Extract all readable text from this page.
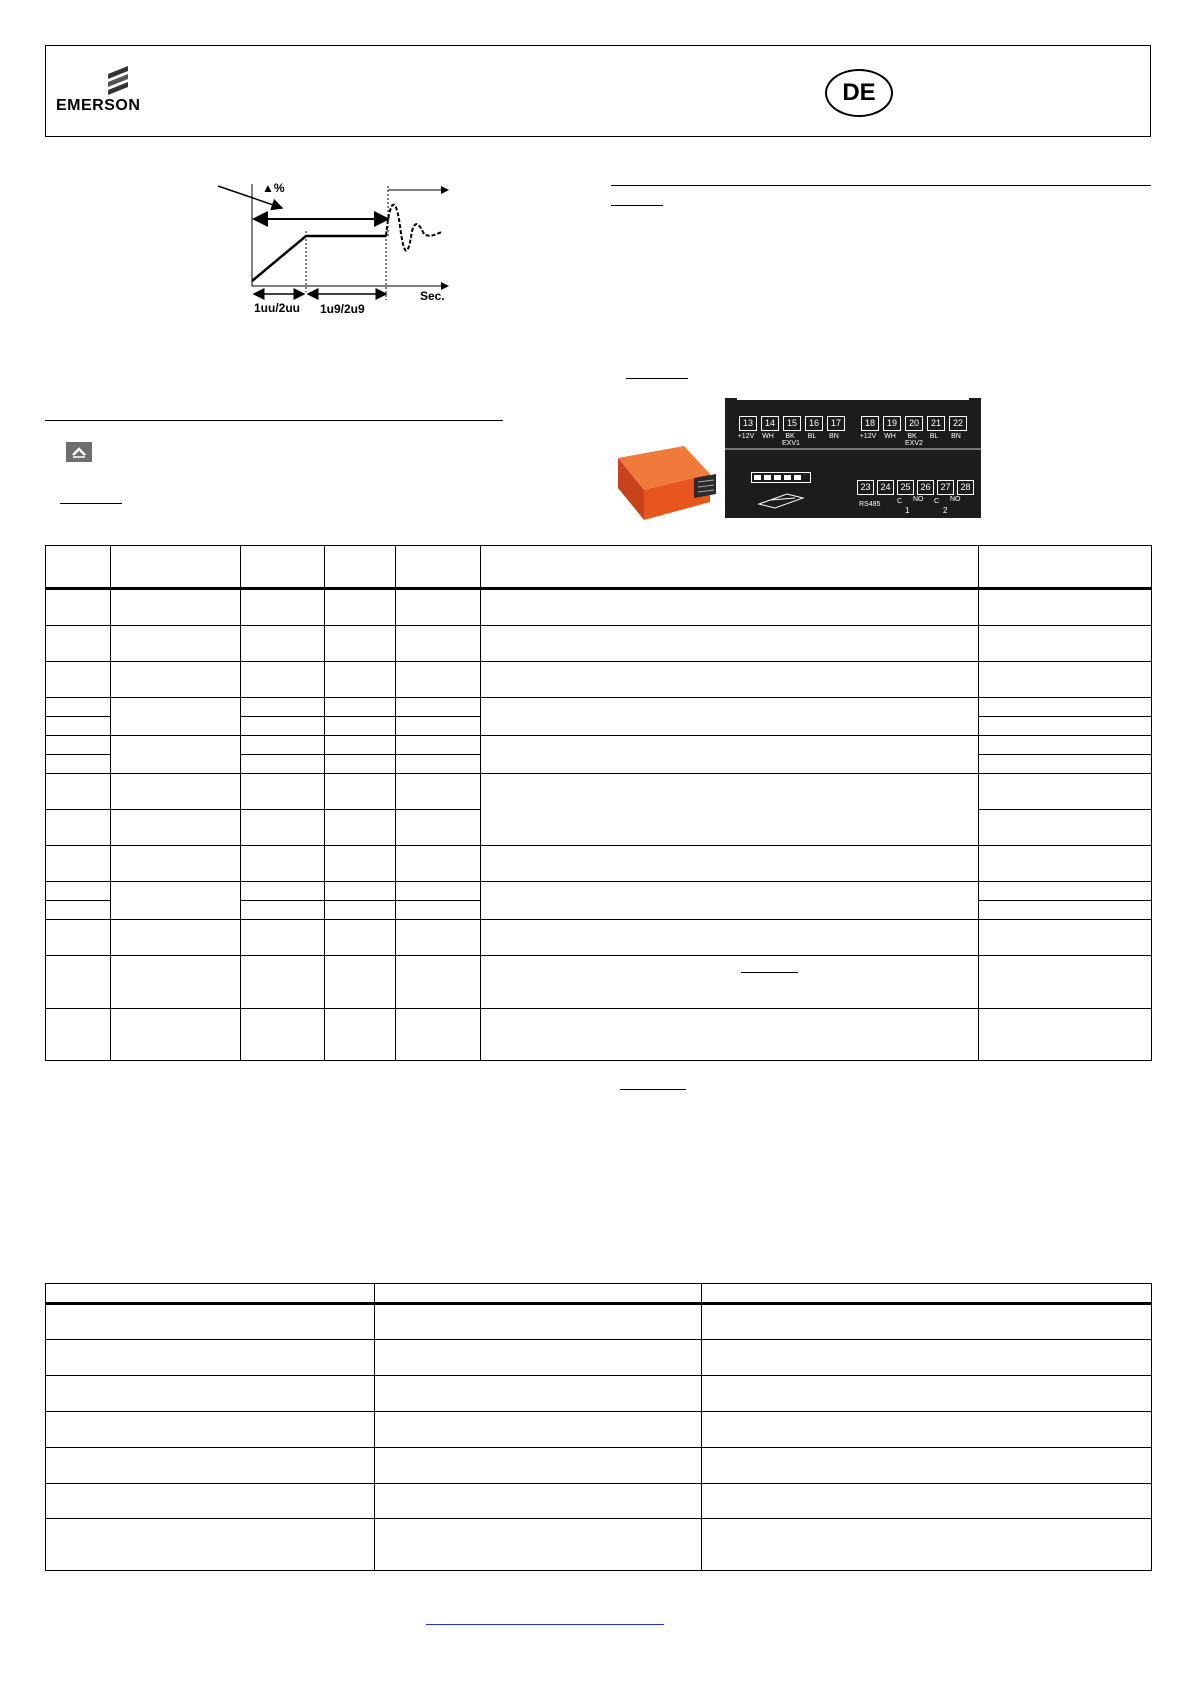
EMERSON	DE
▲%
Sec.
1uu/2uu 1u9/2u9
13	14	15	16	17
+12V	WH	BK	BL	BN
EXV1
18	19	20	21	22
+12V	WH	BK	BL	BN
EXV2
23	24	25	26	27	28
RS485 C NO C NO
1	2
